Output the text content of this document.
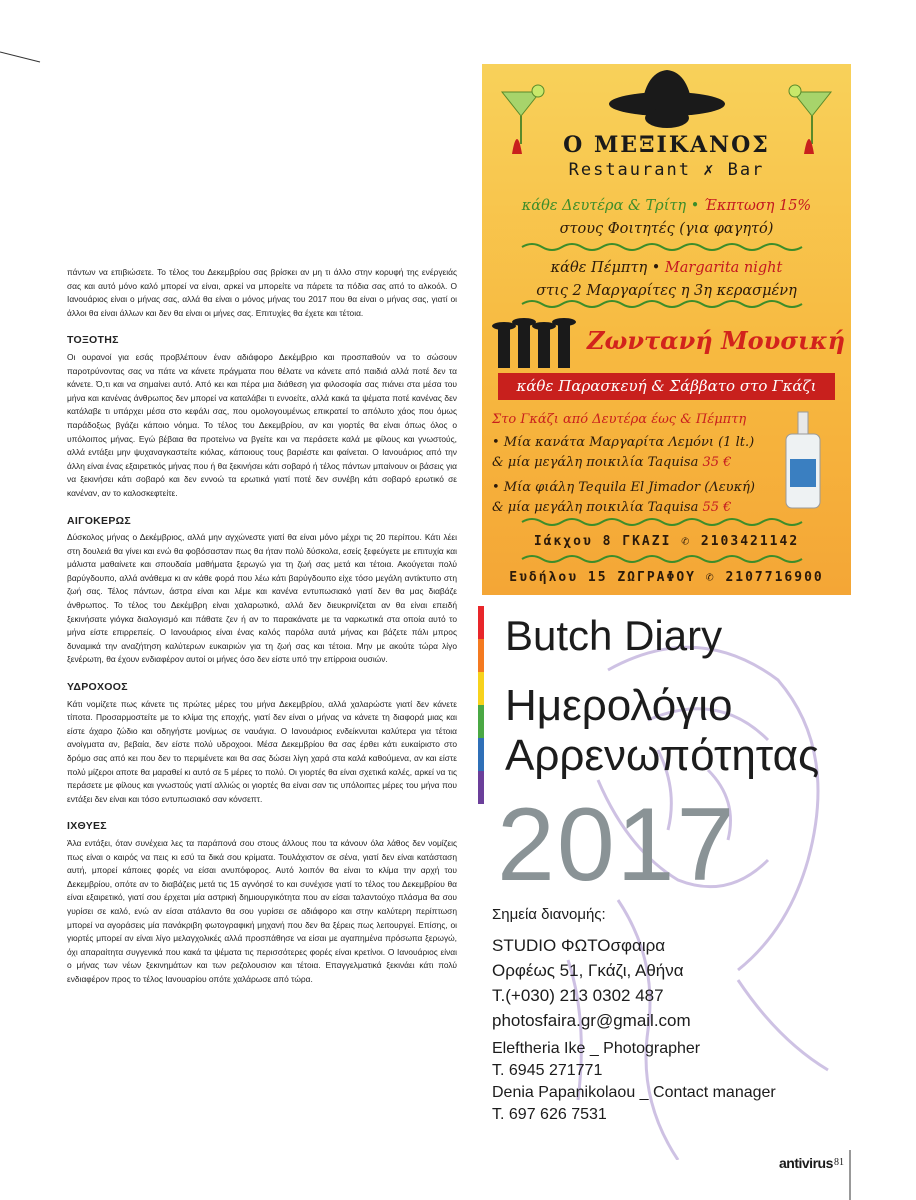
πάντων να επιβιώσετε. Το τέλος του Δεκεμβρίου σας βρίσκει αν μη τι άλλο στην κορυφή της ενέργειάς σας και αυτό μόνο καλό μπορεί να είναι, αρκεί να μπορείτε να πάρετε τα πόδια σας από το αλκοόλ. Ο Ιανουάριος είναι ο μήνας σας, αλλά θα είναι ο μόνος μήνας του 2017 που θα είναι ο μήνας σας, γιατί οι άλλοι θα είναι άλλων και δεν θα είναι οι μήνες σας. Επιτυχίες θα έχετε και τέτοια.

ΤΟΞΟΤΗΣ

Οι ουρανοί για εσάς προβλέπουν έναν αδιάφορο Δεκέμβριο και προσπαθούν να το σώσουν παροτρύνοντας σας να πάτε να κάνετε πράγματα που θέλατε να κάνετε από παιδιά αλλά ποτέ δεν τα κάνετε. Ό,τι και να σημαίνει αυτό. Από κει και πέρα μια διάθεση για φιλοσοφία σας πιάνει στα μέσα του μήνα και κανένας άνθρωπος δεν μπορεί να καταλάβει τι εννοείτε, αλλά κακά τα ψέματα ποτέ κανένας δεν κατάλαβε τι υπάρχει μέσα στο κεφάλι σας, που ομολογουμένως επικρατεί το απόλυτο χάος που όμως παράδοξως βγάζει κάποιο νόημα. Το τέλος του Δεκεμβρίου, αν και γιορτές θα είναι όπως όλος ο υπόλοιπος μήνας. Εγώ βέβαια θα προτείνω να βγείτε και να περάσετε καλά με φίλους και γνωστούς, αλλά εντάξει μην ψυχαναγκαστείτε κιόλας, κάποιους τους βαριέστε και φαίνεται. Ο Ιανουάριος από την άλλη είναι ένας εξαιρετικός μήνας που ή θα ξεκινήσει κάτι σοβαρό ή τέλος πάντων μπαίνουν οι βάσεις για να ξεκινήσει κάτι σοβαρό και δεν εννοώ τα ερωτικά γιατί ποτέ δεν συνέβη κάτι σοβαρό ερωτικό σε κανέναν, αν το καλοσκεφτείτε.

ΑΙΓΟΚΕΡΩΣ

Δύσκολος μήνας ο Δεκέμβριος, αλλά μην αγχώνεστε γιατί θα είναι μόνο μέχρι τις 20 περίπου. Κάτι λέει στη δουλειά θα γίνει και ενώ θα φοβόσασταν πως θα ήταν πολύ δύσκολα, εσείς ξεφεύγετε με επιτυχία και μάλιστα μαθαίνετε και σπουδαία μαθήματα ξερωγώ για τη ζωή σας μετά και τέτοια. Ακούγεται πολύ βαρύγδουπο, αλλά ανάθεμα κι αν κάθε φορά που λέω κάτι βαρύγδουπο είχε τόσο μεγάλη αντίκτυπο στη ζωή σας. Τέλος πάντων, άστρα είναι και λέμε και κανένα εντυπωσιακό γιατί δεν θα μας διαβάζε άνθρωπος. Το τέλος του Δεκέμβρη είναι χαλαρωτικό, αλλά δεν διευκρινίζεται αν θα είναι επειδή ξεκινήσατε γιόγκα διαλογισμό και πάθατε ζεν ή αν το παρακάνατε με τα ναρκωτικά στα οποία αυτό το μήνα είστε επιρρεπείς. Ο Ιανουάριος είναι ένας καλός παρόλα αυτά μήνας και βάζετε πάλι μπρος δυναμικά την αναζήτηση καλύτερων ευκαιριών για τη ζωή σας και τέτοια. Μην με ακούτε τώρα λίγο ξενέρωτη, θα έχουν ενδιαφέρον αυτοί οι μήνες όσο δεν είστε υπό την επίρροια ουσιών.

ΥΔΡΟΧΟΟΣ

Κάτι νομίζετε πως κάνετε τις πρώτες μέρες του μήνα Δεκεμβρίου, αλλά χαλαρώστε γιατί δεν κάνετε τίποτα. Προσαρμοστείτε με το κλίμα της εποχής, γιατί δεν είναι ο μήνας να κάνετε τη διαφορά μιας και είστε άχαρο ζώδιο και οδηγήστε μονίμως σε ναυάγια. Ο Ιανουάριος ενδείκνυται καλύτερα για τέτοια ανοίγματα αν, βεβαία, δεν είστε πολύ υδροχοοι. Μέσα Δεκεμβρίου θα σας έρθει κάτι ευκαίριστο στο δρόμο σας από κει που δεν το περιμένετε και θα σας δώσει λίγη χαρά στα καλά καθούμενα, αν και είστε πολύ μίζεροι αποτε θα μαραθεί κι αυτό σε 5 μέρες το πολύ. Οι γιορτές θα είναι σχετικά καλές, αρκεί να τις περάσετε με φίλους και γνωστούς γιατί αλλιώς οι γιορτές θα είναι σαν τις υπόλοιπες μέρες του μήνα που εντάξει δεν είναι και τόσο εντυπωσιακό σαν κόνσεπτ.

ΙΧΘΥΕΣ

Άλα εντάξει, όταν συνέχεια λες τα παράπονά σου στους άλλους που τα κάνουν όλα λάθος δεν νομίζεις πως είναι ο καιρός να πεις κι εσύ τα δικά σου κρίματα. Τουλάχιστον σε σένα, γιατί δεν είναι κατάσταση αυτή, μπορεί κάποιες φορές να είσαι ανυπόφορος. Αυτό λοιπόν θα είναι το κλίμα την αρχή του Δεκεμβρίου, οπότε αν το διαβάζεις μετά τις 15 αγνόησέ το και συνέχισε γιατί το τέλος του Δεκεμβρίου θα είναι εξαιρετικό, γιατί σου έρχεται μία αστρική δημιουργικότητα που αν είσαι ταλαντούχο πλάσμα θα σου γυρίσει σε καλό, ενώ αν είσαι ατάλαντο θα σου γυρίσει σε αδιάφορο και στην καλύτερη περίπτωση μπορεί να αγοράσεις μία πανάκριβη φωτογραφική μηχανή που δεν θα ξέρεις πως λειτουργεί. Επίσης, οι γιορτές μπορεί αν είναι λίγο μελαγχολικές αλλά προσπάθησε να είσαι με αγαπημένα πρόσωπα ξερωγώ, όχι απαραίτητα συγγενικά που κακά τα ψέματα τις περισσότερες φορές είναι κρετίνοι. Ο Ιανουάριος είναι ο μήνας των νέων ξεκινημάτων και των ρεζολουσιον και τέτοια. Επαγγελματικά ξεκινάει κάτι πολύ ενδιαφέρον προς το τέλος Ιανουαρίου οπότε χαλάρωσε από τώρα.

Ο ΜΕΞΙΚΑΝΟΣ
Restaurant ✗ Bar
κάθε Δευτέρα & Τρίτη • Έκπτωση 15%
στους Φοιτητές (για φαγητό)
κάθε Πέμπτη • Margarita night
στις 2 Μαργαρίτες η 3η κερασμένη
Ζωντανή Μουσική
κάθε Παρασκευή & Σάββατο στο Γκάζι
Στο Γκάζι από Δευτέρα έως & Πέμπτη
• Μία κανάτα Μαργαρίτα Λεμόνι (1 lt.)
& μία μεγάλη ποικιλία Taquisa 35 €
• Μία φιάλη Tequila El Jimador (Λευκή)
& μία μεγάλη ποικιλία Taquisa 55 €
Ιάκχου 8 ΓΚΑΖΙ ✆ 2103421142
Ευδήλου 15 ΖΩΓΡΑΦΟΥ ✆ 2107716900
Butch Diary
Ημερολόγιο
Αρρενωπότητας
2017
Σημεία διανομής:
STUDIO ΦΩΤΟσφαιρα
Ορφέως 51, Γκάζι, Αθήνα
Τ.(+030) 213 0302 487
photosfaira.gr@gmail.com
Eleftheria Ike _ Photographer
Τ. 6945 271771
Denia Papanikolaou _ Contact manager
Τ. 697 626 7531
antivirus 81
